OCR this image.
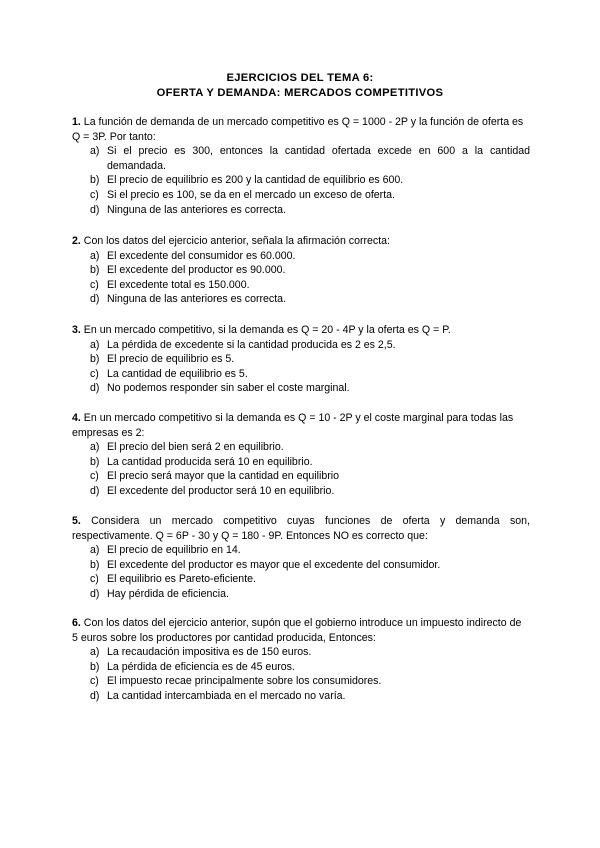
EJERCICIOS DEL TEMA 6:
OFERTA Y DEMANDA: MERCADOS COMPETITIVOS

1. La función de demanda de un mercado competitivo es Q = 1000 - 2P y la función de oferta es Q = 3P. Por tanto:

a) Si el precio es 300, entonces la cantidad ofertada excede en 600 a la cantidad demandada.
b) El precio de equilibrio es 200 y la cantidad de equilibrio es 600.
c) Si el precio es 100, se da en el mercado un exceso de oferta.
d) Ninguna de las anteriores es correcta.

2. Con los datos del ejercicio anterior, señala la afirmación correcta:

a) El excedente del consumidor es 60.000.
b) El excedente del productor es 90.000.
c) El excedente total es 150.000.
d) Ninguna de las anteriores es correcta.

3. En un mercado competitivo, si la demanda es Q = 20 - 4P y la oferta es Q = P.

a) La pérdida de excedente si la cantidad producida es 2 es 2,5.
b) El precio de equilibrio es 5.
c) La cantidad de equilibrio es 5.
d) No podemos responder sin saber el coste marginal.

4. En un mercado competitivo si la demanda es Q = 10 - 2P y el coste marginal para todas las empresas es 2:

a) El precio del bien será 2 en equilibrio.
b) La cantidad producida será 10 en equilibrio.
c) El precio será mayor que la cantidad en equilibrio
d) El excedente del productor será 10 en equilibrio.

5. Considera un mercado competitivo cuyas funciones de oferta y demanda son, respectivamente. Q = 6P - 30 y Q = 180 - 9P. Entonces NO es correcto que:

a) El precio de equilibrio en 14.
b) El excedente del productor es mayor que el excedente del consumidor.
c) El equilibrio es Pareto-eficiente.
d) Hay pérdida de eficiencia.

6. Con los datos del ejercicio anterior, supón que el gobierno introduce un impuesto indirecto de 5 euros sobre los productores por cantidad producida, Entonces:

a) La recaudación impositiva es de 150 euros.
b) La pérdida de eficiencia es de 45 euros.
c) El impuesto recae principalmente sobre los consumidores.
d) La cantidad intercambiada en el mercado no varía.
